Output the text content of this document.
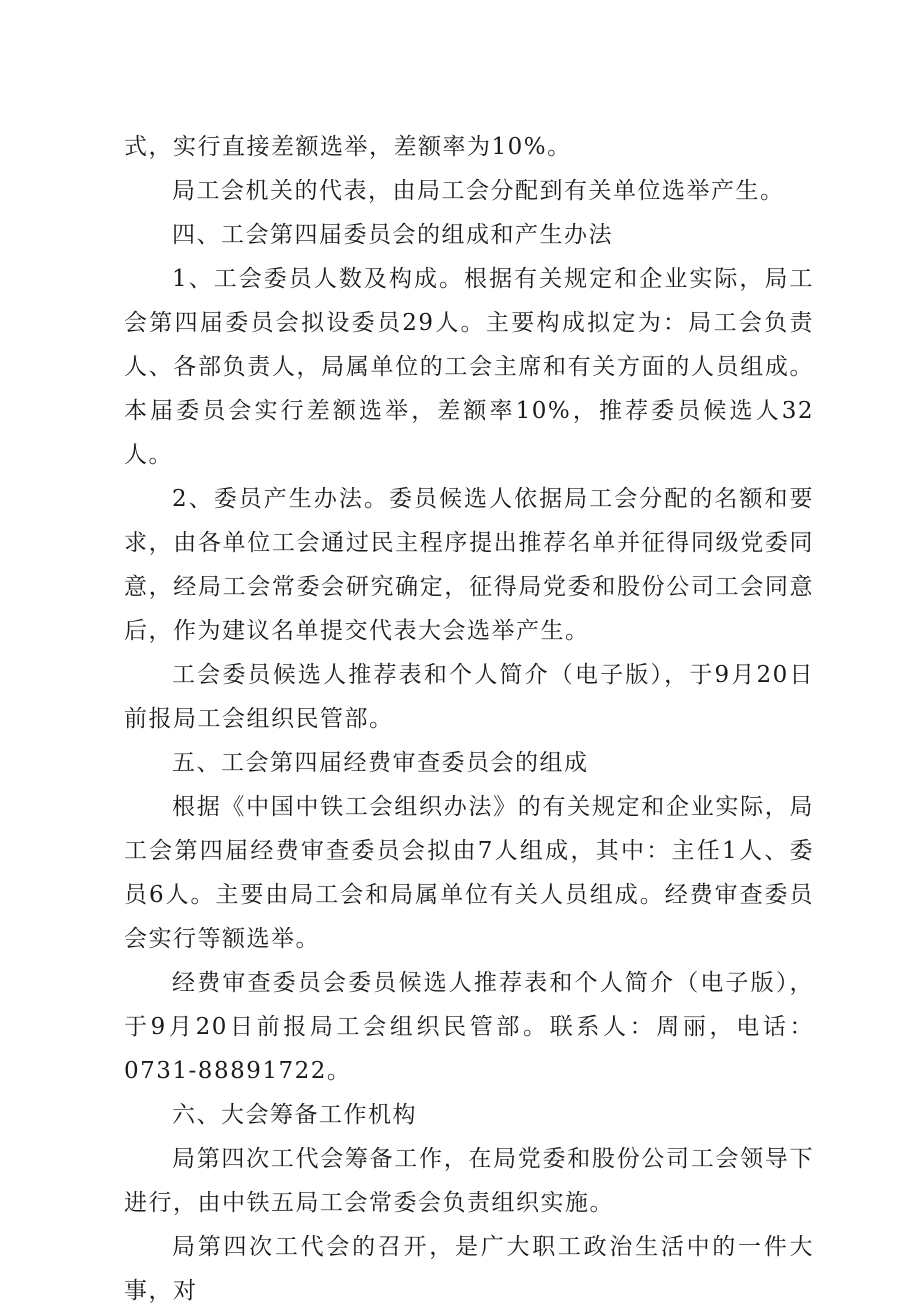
式，实行直接差额选举，差额率为10%。

局工会机关的代表，由局工会分配到有关单位选举产生。

四、工会第四届委员会的组成和产生办法

1、工会委员人数及构成。根据有关规定和企业实际，局工会第四届委员会拟设委员29人。主要构成拟定为：局工会负责人、各部负责人，局属单位的工会主席和有关方面的人员组成。本届委员会实行差额选举，差额率10%，推荐委员候选人32人。

2、委员产生办法。委员候选人依据局工会分配的名额和要求，由各单位工会通过民主程序提出推荐名单并征得同级党委同意，经局工会常委会研究确定，征得局党委和股份公司工会同意后，作为建议名单提交代表大会选举产生。

工会委员候选人推荐表和个人简介（电子版），于9月20日前报局工会组织民管部。

五、工会第四届经费审查委员会的组成

根据《中国中铁工会组织办法》的有关规定和企业实际，局工会第四届经费审查委员会拟由7人组成，其中：主任1人、委员6人。主要由局工会和局属单位有关人员组成。经费审查委员会实行等额选举。

经费审查委员会委员候选人推荐表和个人简介（电子版），于9月20日前报局工会组织民管部。联系人：周丽，电话：0731-88891722。

六、大会筹备工作机构

局第四次工代会筹备工作，在局党委和股份公司工会领导下进行，由中铁五局工会常委会负责组织实施。

局第四次工代会的召开，是广大职工政治生活中的一件大事，对
